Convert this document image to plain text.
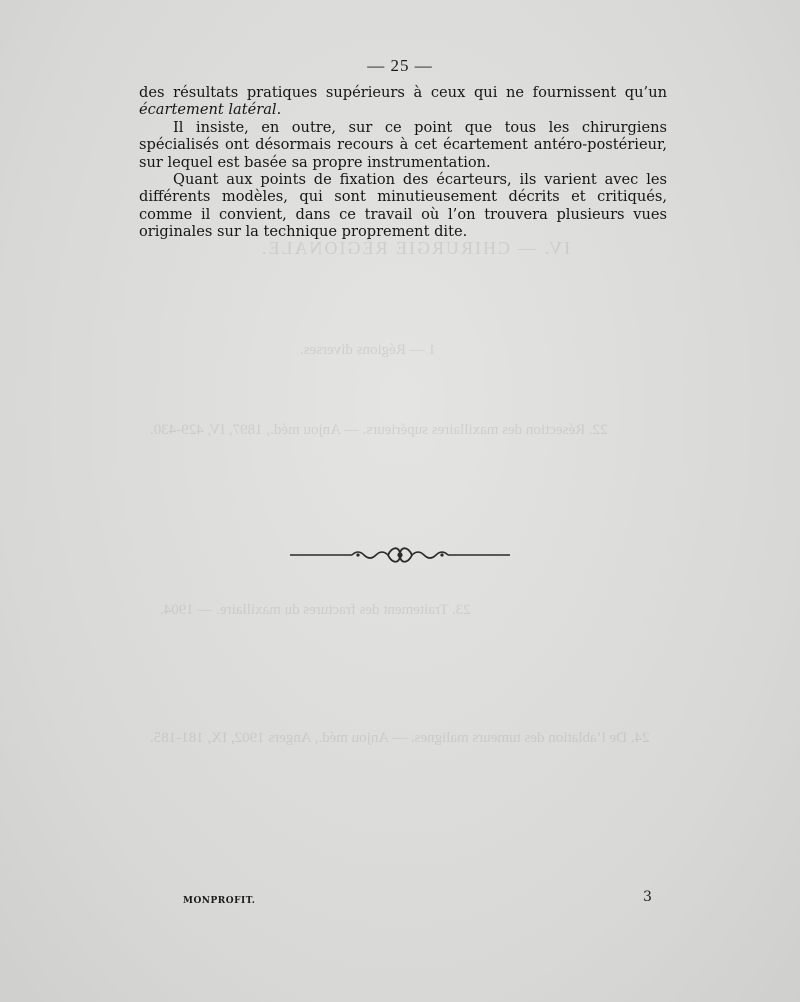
IV. — CHIRURGIE RÉGIONALE.
1 — Régions diverses.
22. Résection des maxillaires supérieurs. — Anjou méd., 1897, IV, 429-430.
23. Traitement des fractures du maxillaire. — 1904.
24. De l’ablation des tumeurs malignes. — Anjou méd., Angers 1902, IX, 181-185.
— 25 —

des résultats pratiques supérieurs à ceux qui ne fournissent qu’un écartement latéral.

Il insiste, en outre, sur ce point que tous les chirurgiens spécialisés ont désormais recours à cet écartement antéro-postérieur, sur lequel est basée sa propre instrumentation.

Quant aux points de fixation des écarteurs, ils varient avec les différents modèles, qui sont minutieusement décrits et critiqués, comme il convient, dans ce travail où l’on trouvera plusieurs vues originales sur la technique proprement dite.

MONPROFIT.	3
